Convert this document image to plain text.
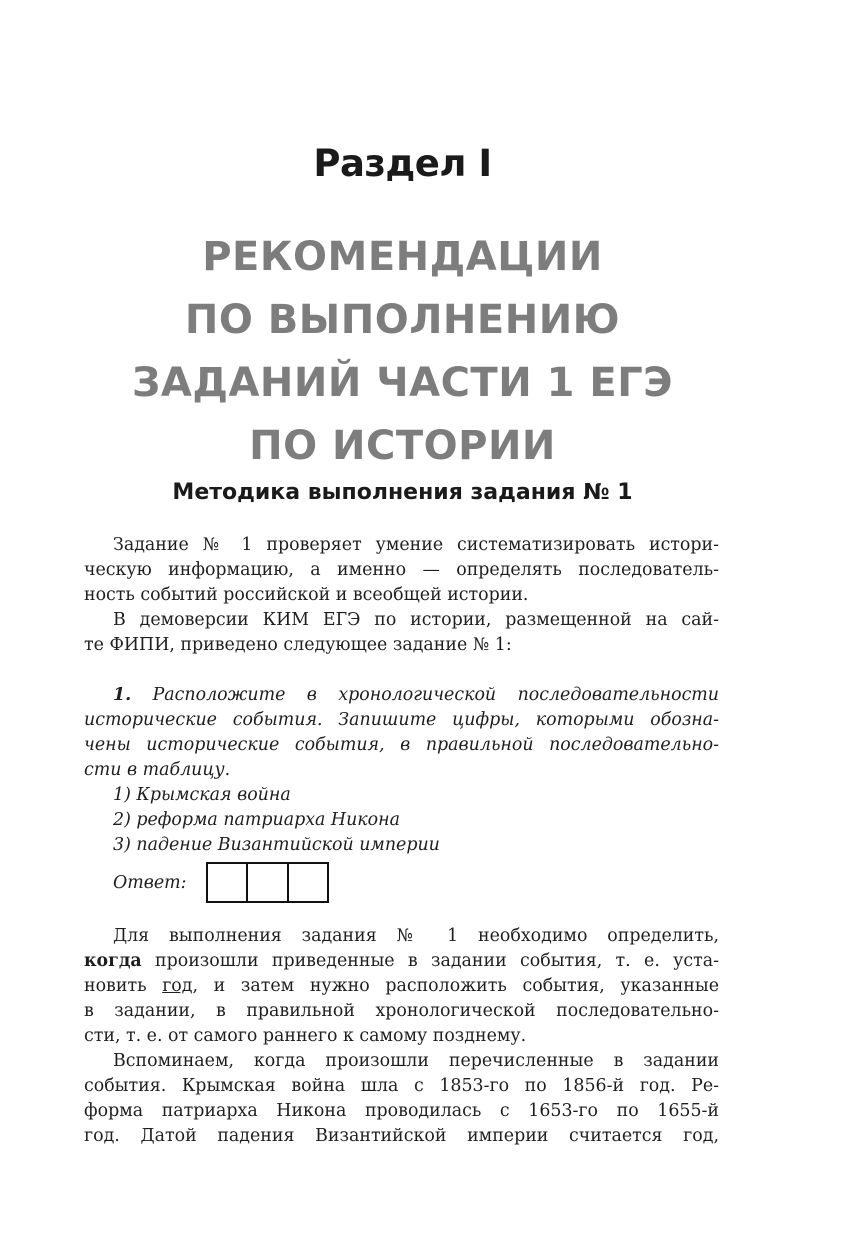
Раздел I
РЕКОМЕНДАЦИИ
ПО ВЫПОЛНЕНИЮ
ЗАДАНИЙ ЧАСТИ 1 ЕГЭ
ПО ИСТОРИИ
Методика выполнения задания № 1
Задание № 1 проверяет умение систематизировать истори-
ческую информацию, а именно — определять последователь-
ность событий российской и всеобщей истории.
В демоверсии КИМ ЕГЭ по истории, размещенной на сай-
те ФИПИ, приведено следующее задание № 1:
1. Расположите в хронологической последовательности
исторические события. Запишите цифры, которыми обозна-
чены исторические события, в правильной последовательно-
сти в таблицу.
1) Крымская война
2) реформа патриарха Никона
3) падение Византийской империи
Ответ:
Для выполнения задания № 1 необходимо определить,
когда произошли приведенные в задании события, т. е. уста-
новить год, и затем нужно расположить события, указанные
в задании, в правильной хронологической последовательно-
сти, т. е. от самого раннего к самому позднему.
Вспоминаем, когда произошли перечисленные в задании
события. Крымская война шла с 1853-го по 1856-й год. Ре-
форма патриарха Никона проводилась с 1653-го по 1655-й
год. Датой падения Византийской империи считается год,
